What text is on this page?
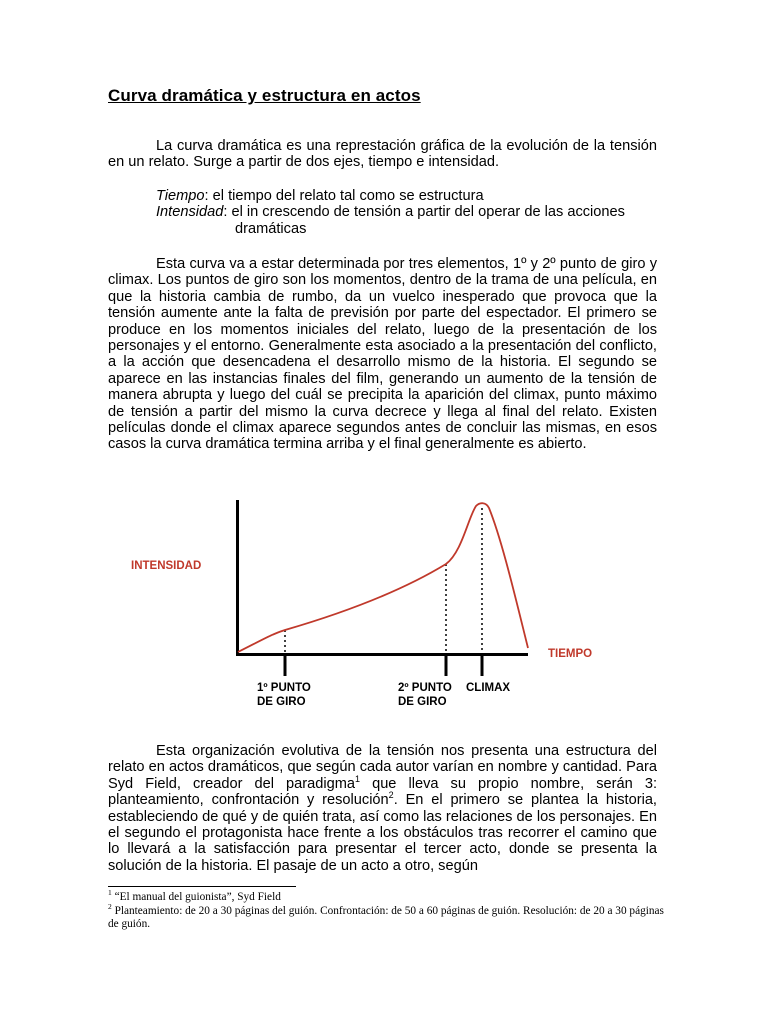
Curva dramática y estructura en actos

La curva dramática es una represtación gráfica de la evolución de la tensión en un relato. Surge a partir de dos ejes, tiempo e intensidad.

Tiempo: el tiempo del relato tal como se estructura
Intensidad: el in crescendo de tensión a partir del operar de las acciones
dramáticas

Esta curva va a estar determinada por tres elementos, 1º y 2º punto de giro y climax. Los puntos de giro son los momentos, dentro de la trama de una película, en que la historia cambia de rumbo, da un vuelco inesperado que provoca que la tensión aumente ante la falta de previsión por parte del espectador. El primero se produce en los momentos iniciales del relato, luego de la presentación de los personajes y el entorno. Generalmente esta asociado a la presentación del conflicto, a la acción que desencadena el desarrollo mismo de la historia. El segundo se aparece en las instancias finales del film, generando un aumento de la tensión de manera abrupta y luego del cuál se precipita la aparición del climax, punto máximo de tensión a partir del mismo la curva decrece y llega al final del relato. Existen películas donde el climax aparece segundos antes de concluir las mismas, en esos casos la curva dramática termina arriba y el final generalmente es abierto.

INTENSIDAD
TIEMPO
1º PUNTO
DE GIRO
2º PUNTO
DE GIRO
CLIMAX

Esta organización evolutiva de la tensión nos presenta una estructura del relato en actos dramáticos, que según cada autor varían en nombre y cantidad. Para Syd Field, creador del paradigma$^1$ que lleva su propio nombre, serán 3: planteamiento, confrontación y resolución$^2$. En el primero se plantea la historia, estableciendo de qué y de quién trata, así como las relaciones de los personajes. En el segundo el protagonista hace frente a los obstáculos tras recorrer el camino que lo llevará a la satisfacción para presentar el tercer acto, donde se presenta la solución de la historia. El pasaje de un acto a otro, según

$^1$ “El manual del guionista”, Syd Field

$^2$ Planteamiento: de 20 a 30 páginas del guión. Confrontación: de 50 a 60 páginas de guión. Resolución: de 20 a 30 páginas de guión.
